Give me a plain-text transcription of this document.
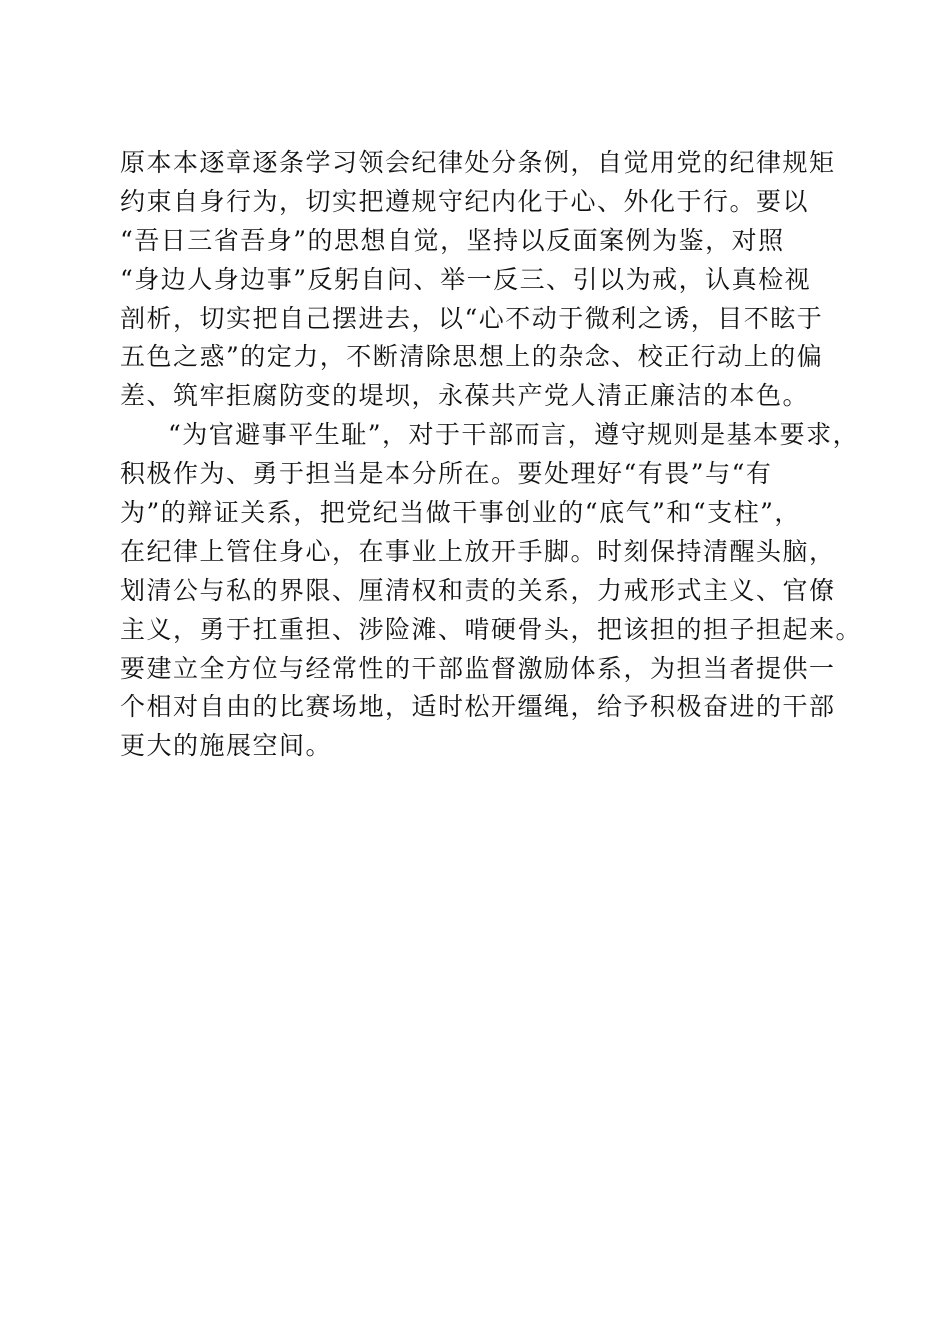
原本本逐章逐条学习领会纪律处分条例，自觉用党的纪律规矩
约束自身行为，切实把遵规守纪内化于心、外化于行。要以
“吾日三省吾身”的思想自觉，坚持以反面案例为鉴，对照
“身边人身边事”反躬自问、举一反三、引以为戒，认真检视
剖析，切实把自己摆进去，以“心不动于微利之诱，目不眩于
五色之惑”的定力，不断清除思想上的杂念、校正行动上的偏
差、筑牢拒腐防变的堤坝，永葆共产党人清正廉洁的本色。
“为官避事平生耻”，对于干部而言，遵守规则是基本要求，
积极作为、勇于担当是本分所在。要处理好“有畏”与“有
为”的辩证关系，把党纪当做干事创业的“底气”和“支柱”，
在纪律上管住身心，在事业上放开手脚。时刻保持清醒头脑，
划清公与私的界限、厘清权和责的关系，力戒形式主义、官僚
主义，勇于扛重担、涉险滩、啃硬骨头，把该担的担子担起来。
要建立全方位与经常性的干部监督激励体系，为担当者提供一
个相对自由的比赛场地，适时松开缰绳，给予积极奋进的干部
更大的施展空间。
